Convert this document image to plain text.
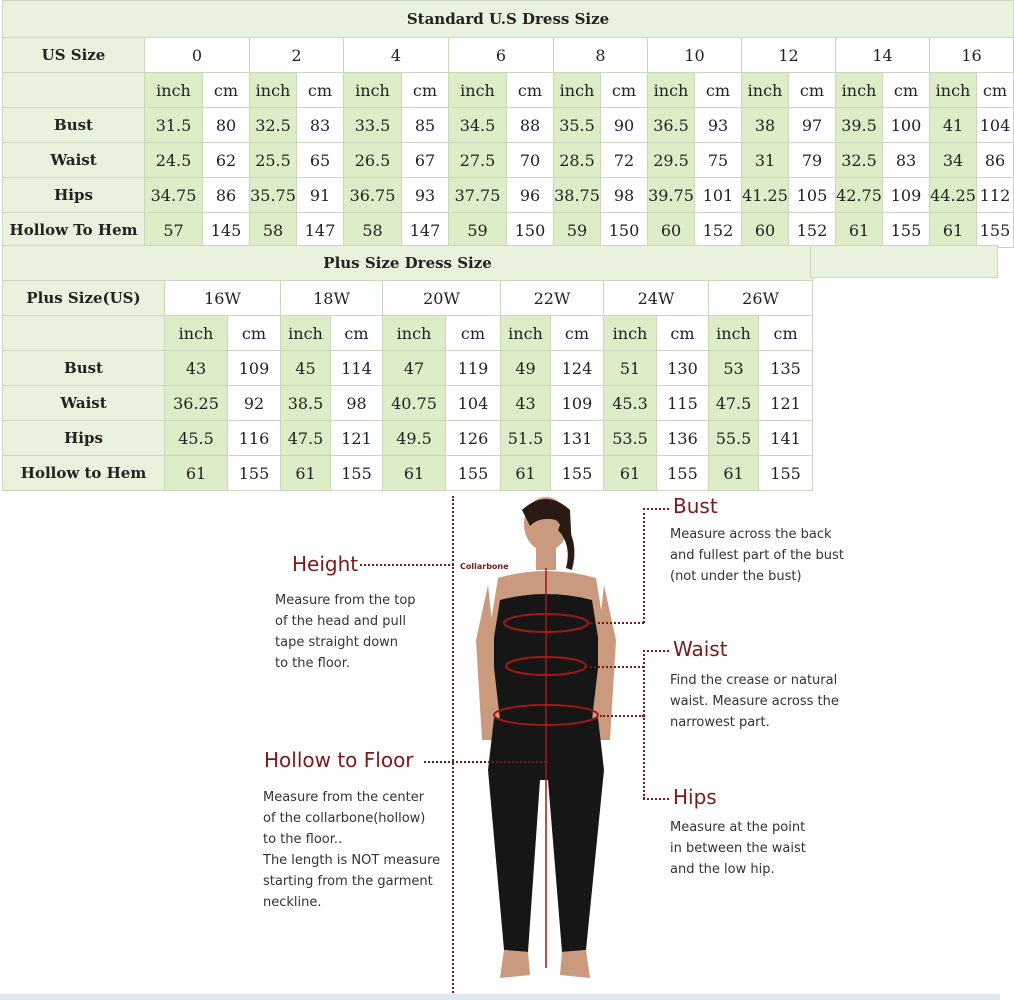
Standard U.S Dress Size																		
US Size	0		2		4		6		8		10		12		14		16	
	inch	cm	inch	cm	inch	cm	inch	cm	inch	cm	inch	cm	inch	cm	inch	cm	inch	cm
Bust	31.5	80	32.5	83	33.5	85	34.5	88	35.5	90	36.5	93	38	97	39.5	100	41	104
Waist	24.5	62	25.5	65	26.5	67	27.5	70	28.5	72	29.5	75	31	79	32.5	83	34	86
Hips	34.75	86	35.75	91	36.75	93	37.75	96	38.75	98	39.75	101	41.25	105	42.75	109	44.25	112
Hollow To Hem	57	145	58	147	58	147	59	150	59	150	60	152	60	152	61	155	61	155
Plus Size Dress Size												
Plus Size(US)	16W		18W		20W		22W		24W		26W	
	inch	cm	inch	cm	inch	cm	inch	cm	inch	cm	inch	cm
Bust	43	109	45	114	47	119	49	124	51	130	53	135
Waist	36.25	92	38.5	98	40.75	104	43	109	45.3	115	47.5	121
Hips	45.5	116	47.5	121	49.5	126	51.5	131	53.5	136	55.5	141
Hollow to Hem	61	155	61	155	61	155	61	155	61	155	61	155
Height
Measure from the top
of the head and pull
tape straight down
to the floor.
Collarbone
Hollow to Floor
Measure from the center
of the collarbone(hollow)
to the floor..
The length is NOT measure
starting from the garment
neckline.
Bust
Measure across the back
and fullest part of the bust
(not under the bust)
Waist
Find the crease or natural
waist. Measure across the
narrowest part.
Hips
Measure at the point
in between the waist
and the low hip.
